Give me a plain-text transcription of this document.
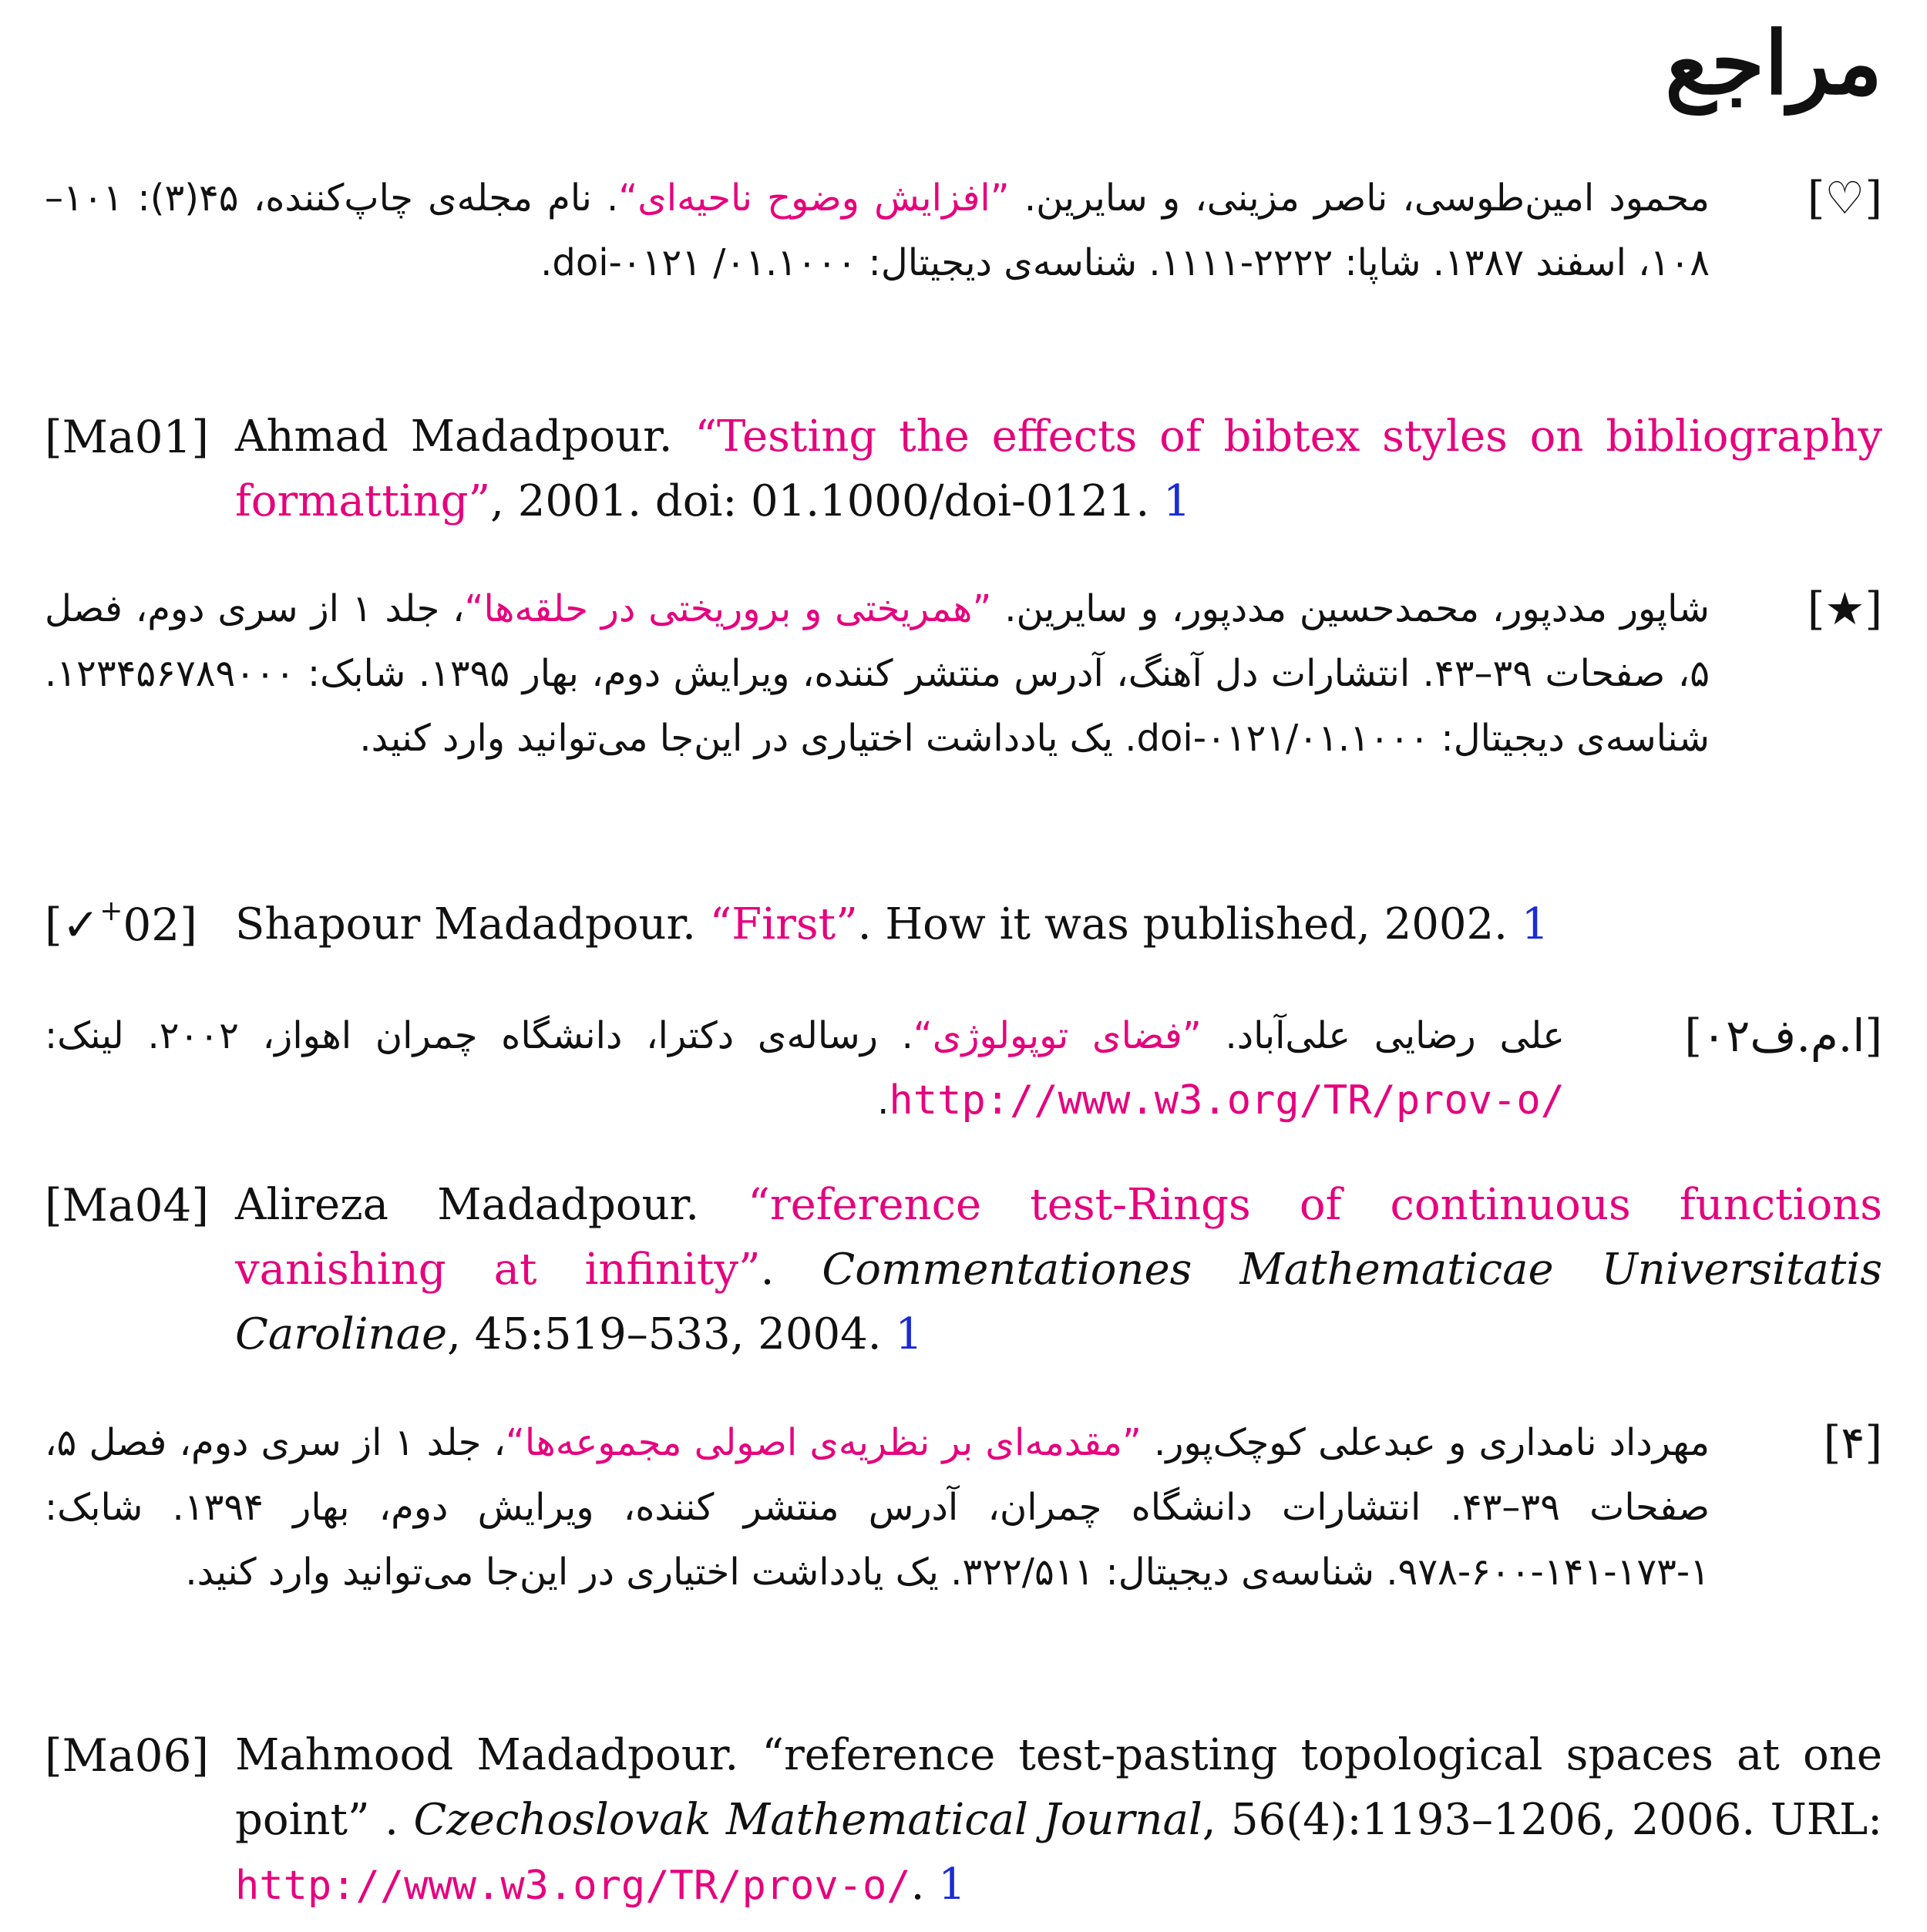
مراجع
[♡]
محمود امین‌طوسی، ناصر مزینی، و سایرین. ”افزایش وضوح ناحیه‌ای“. نام مجله‌ی چاپ‌کننده، ۴۵(۳): ۱۰۱–۱۰۸، اسفند ۱۳۸۷. شاپا: ۲۲۲۲-۱۱۱۱. شناسه‌ی دیجیتال: ۰۱.۱۰۰۰/ doi-۰۱۲۱.
[Ma01] Ahmad Madadpour. “Testing the effects of bibtex styles on bibliography formatting”, 2001. doi: 01.1000/doi-0121. 1
[★]
شاپور مددپور، محمدحسین مددپور، و سایرین. ”همریختی و بروریختی در حلقه‌ها“، جلد ۱ از سری دوم، فصل ۵، صفحات ۳۹–۴۳. انتشارات دل آهنگ، آدرس منتشر کننده، ویرایش دوم، بهار ۱۳۹۵. شابک: ۱۲۳۴۵۶۷۸۹۰۰۰. شناسه‌ی دیجیتال: ۰۱.۱۰۰۰/doi-۰۱۲۱. یک یادداشت اختیاری در این‌جا می‌توانید وارد کنید.
[✓+02] Shapour Madadpour. “First”. How it was published, 2002. 1
[ا.م.ف۰۲]
علی رضایی علی‌آباد. ”فضای توپولوژی“. رساله‌ی دکترا، دانشگاه چمران اهواز، ۲۰۰۲. لینک: http://www.w3.org/TR/prov-o/.
[Ma04] Alireza Madadpour. “reference test-Rings of continuous functions vanishing at infinity”. Commentationes Mathematicae Universitatis Carolinae, 45:519–533, 2004. 1
[۴]
مهرداد نامداری و عبدعلی کوچک‌پور. ”مقدمه‌ای بر نظریه‌ی اصولی مجموعه‌ها“، جلد ۱ از سری دوم، فصل ۵، صفحات ۳۹–۴۳. انتشارات دانشگاه چمران، آدرس منتشر کننده، ویرایش دوم، بهار ۱۳۹۴. شابک: ۱-۱۷۳-۱۴۱-۶۰۰-۹۷۸. شناسه‌ی دیجیتال: ۳۲۲/۵۱۱. یک یادداشت اختیاری در این‌جا می‌توانید وارد کنید.
[Ma06] Mahmood Madadpour. “reference test-pasting topological spaces at one point” . Czechoslovak Mathematical Journal, 56(4):1193–1206, 2006. URL: http://www.w3.org/TR/prov-o/. 1
